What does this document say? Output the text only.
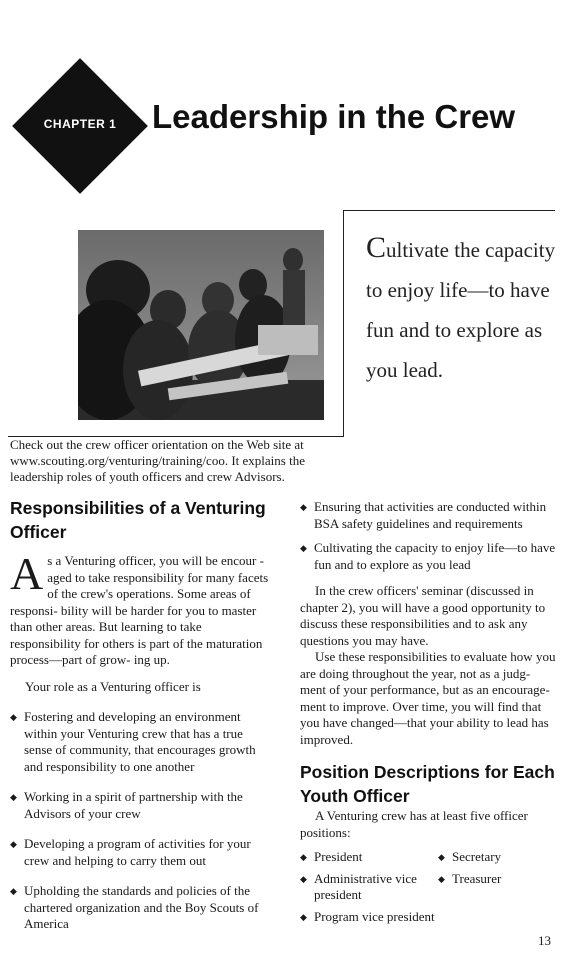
CHAPTER 1	Leadership in the Crew
Cultivate the capacity to enjoy life—to have fun and to explore as you lead.
Check out the crew officer orientation on the Web site at www.scouting.org/venturing/training/coo. It explains the leadership roles of youth officers and crew Advisors.
Responsibilities of a Venturing Officer

As a Venturing officer, you will be encour - aged to take responsibility for many facets of the crew's operations. Some areas of responsi- bility will be harder for you to master than other areas. But learning to take responsibility for others is part of the maturation process—part of grow- ing up.

Your role as a Venturing officer is

◆ Fostering and developing an environment within your Venturing crew that has a true sense of community, that encourages growth and responsibility to one another
◆ Working in a spirit of partnership with the Advisors of your crew
◆ Developing a program of activities for your crew and helping to carry them out
◆ Upholding the standards and policies of the chartered organization and the Boy Scouts of America
◆ Ensuring that activities are conducted within BSA safety guidelines and requirements
◆ Cultivating the capacity to enjoy life—to have fun and to explore as you lead

In the crew officers' seminar (discussed in chapter 2), you will have a good opportunity to discuss these responsibilities and to ask any questions you may have.

Use these responsibilities to evaluate how you are doing throughout the year, not as a judg- ment of your performance, but as an encourage- ment to improve. Over time, you will find that you have changed—that your ability to lead has improved.

Position Descriptions for Each Youth Officer

A Venturing crew has at least five officer positions:

◆ President	◆ Secretary
◆ Administrative vice president
◆ Treasurer
◆ Program vice president
13
